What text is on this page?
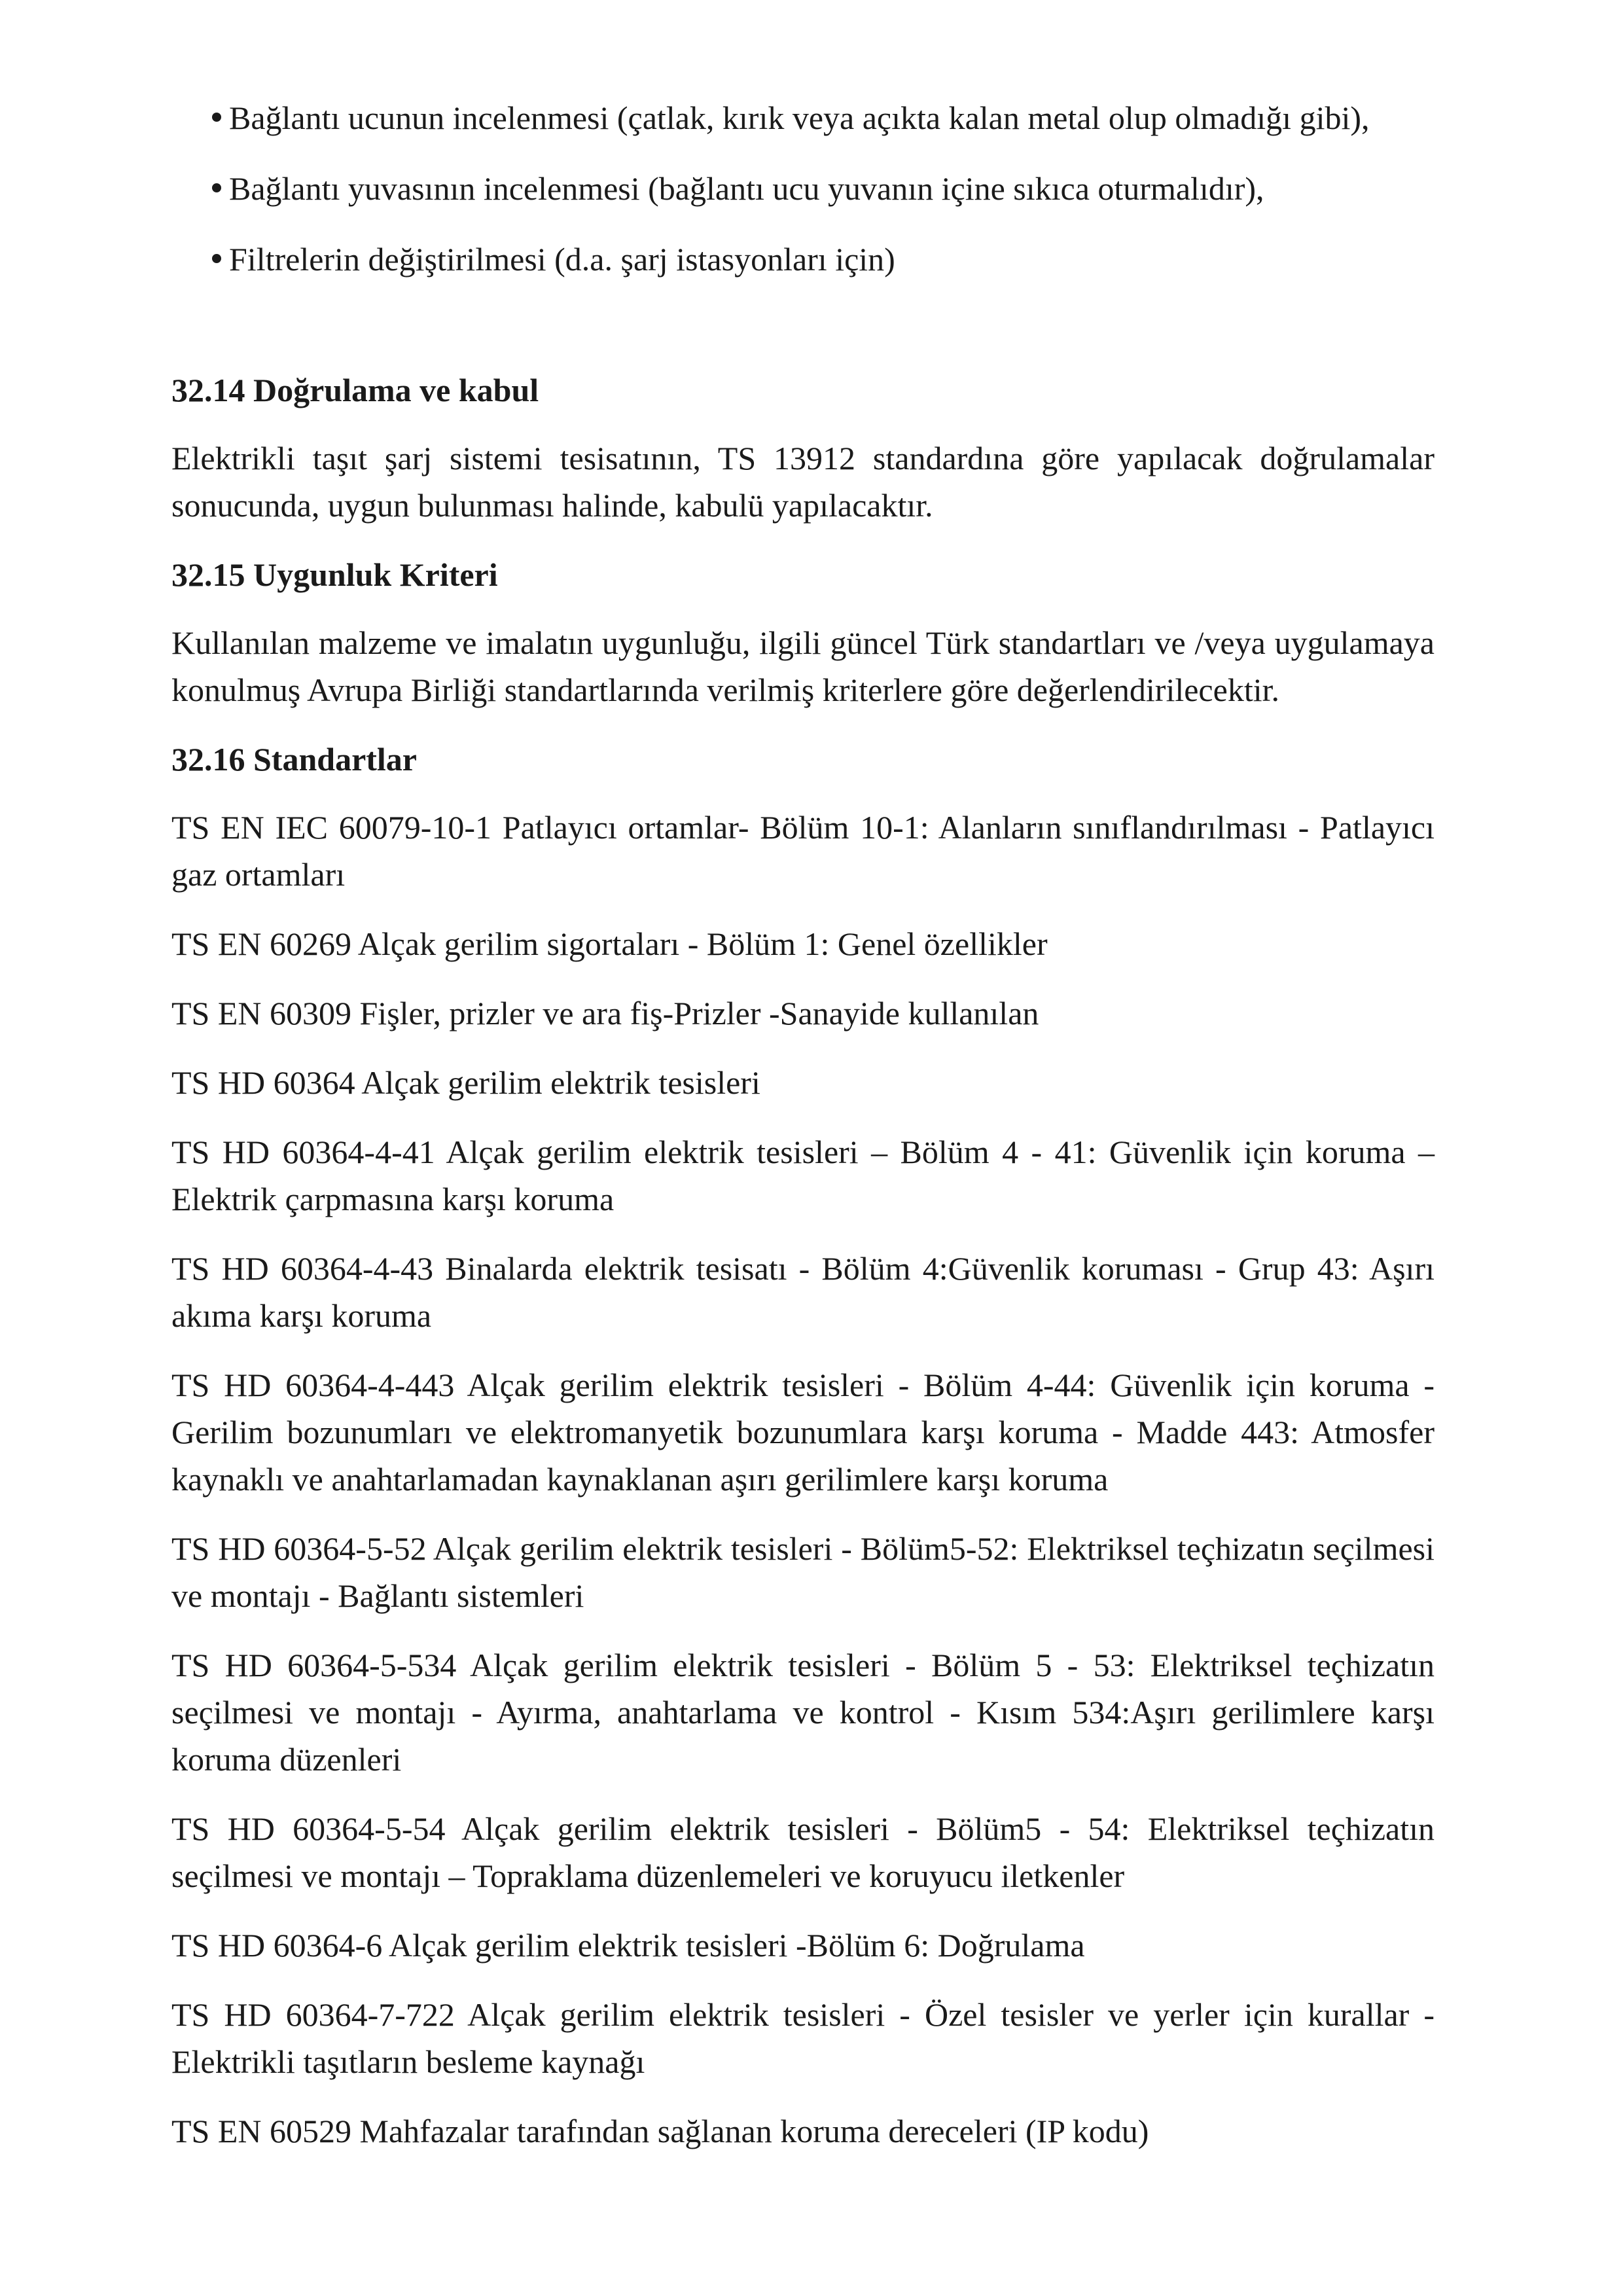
Bağlantı ucunun incelenmesi (çatlak, kırık veya açıkta kalan metal olup olmadığı gibi),
Bağlantı yuvasının incelenmesi (bağlantı ucu yuvanın içine sıkıca oturmalıdır),
Filtrelerin değiştirilmesi (d.a. şarj istasyonları için)
32.14 Doğrulama ve kabul
Elektrikli taşıt şarj sistemi tesisatının, TS 13912 standardına göre yapılacak doğrulamalar sonucunda, uygun bulunması halinde, kabulü yapılacaktır.
32.15 Uygunluk Kriteri
Kullanılan malzeme ve imalatın uygunluğu, ilgili güncel Türk standartları ve /veya uygulamaya konulmuş Avrupa Birliği standartlarında verilmiş kriterlere göre değerlendirilecektir.
32.16 Standartlar
TS EN IEC 60079-10-1 Patlayıcı ortamlar- Bölüm 10-1: Alanların sınıflandırılması - Patlayıcı gaz ortamları
TS EN 60269 Alçak gerilim sigortaları - Bölüm 1: Genel özellikler
TS EN 60309 Fişler, prizler ve ara fiş-Prizler -Sanayide kullanılan
TS HD 60364 Alçak gerilim elektrik tesisleri
TS HD 60364-4-41 Alçak gerilim elektrik tesisleri – Bölüm 4 - 41: Güvenlik için koruma – Elektrik çarpmasına karşı koruma
TS HD 60364-4-43 Binalarda elektrik tesisatı - Bölüm 4:Güvenlik koruması - Grup 43: Aşırı akıma karşı koruma
TS HD 60364-4-443 Alçak gerilim elektrik tesisleri - Bölüm 4-44: Güvenlik için koruma - Gerilim bozunumları ve elektromanyetik bozunumlara karşı koruma - Madde 443: Atmosfer kaynaklı ve anahtarlamadan kaynaklanan aşırı gerilimlere karşı koruma
TS HD 60364-5-52 Alçak gerilim elektrik tesisleri - Bölüm5-52: Elektriksel teçhizatın seçilmesi ve montajı - Bağlantı sistemleri
TS HD 60364-5-534 Alçak gerilim elektrik tesisleri - Bölüm 5 - 53: Elektriksel teçhizatın seçilmesi ve montajı - Ayırma, anahtarlama ve kontrol - Kısım 534:Aşırı gerilimlere karşı koruma düzenleri
TS HD 60364-5-54 Alçak gerilim elektrik tesisleri - Bölüm5 - 54: Elektriksel teçhizatın seçilmesi ve montajı – Topraklama düzenlemeleri ve koruyucu iletkenler
TS HD 60364-6 Alçak gerilim elektrik tesisleri -Bölüm 6: Doğrulama
TS HD 60364-7-722 Alçak gerilim elektrik tesisleri - Özel tesisler ve yerler için kurallar - Elektrikli taşıtların besleme kaynağı
TS EN 60529 Mahfazalar tarafından sağlanan koruma dereceleri (IP kodu)
